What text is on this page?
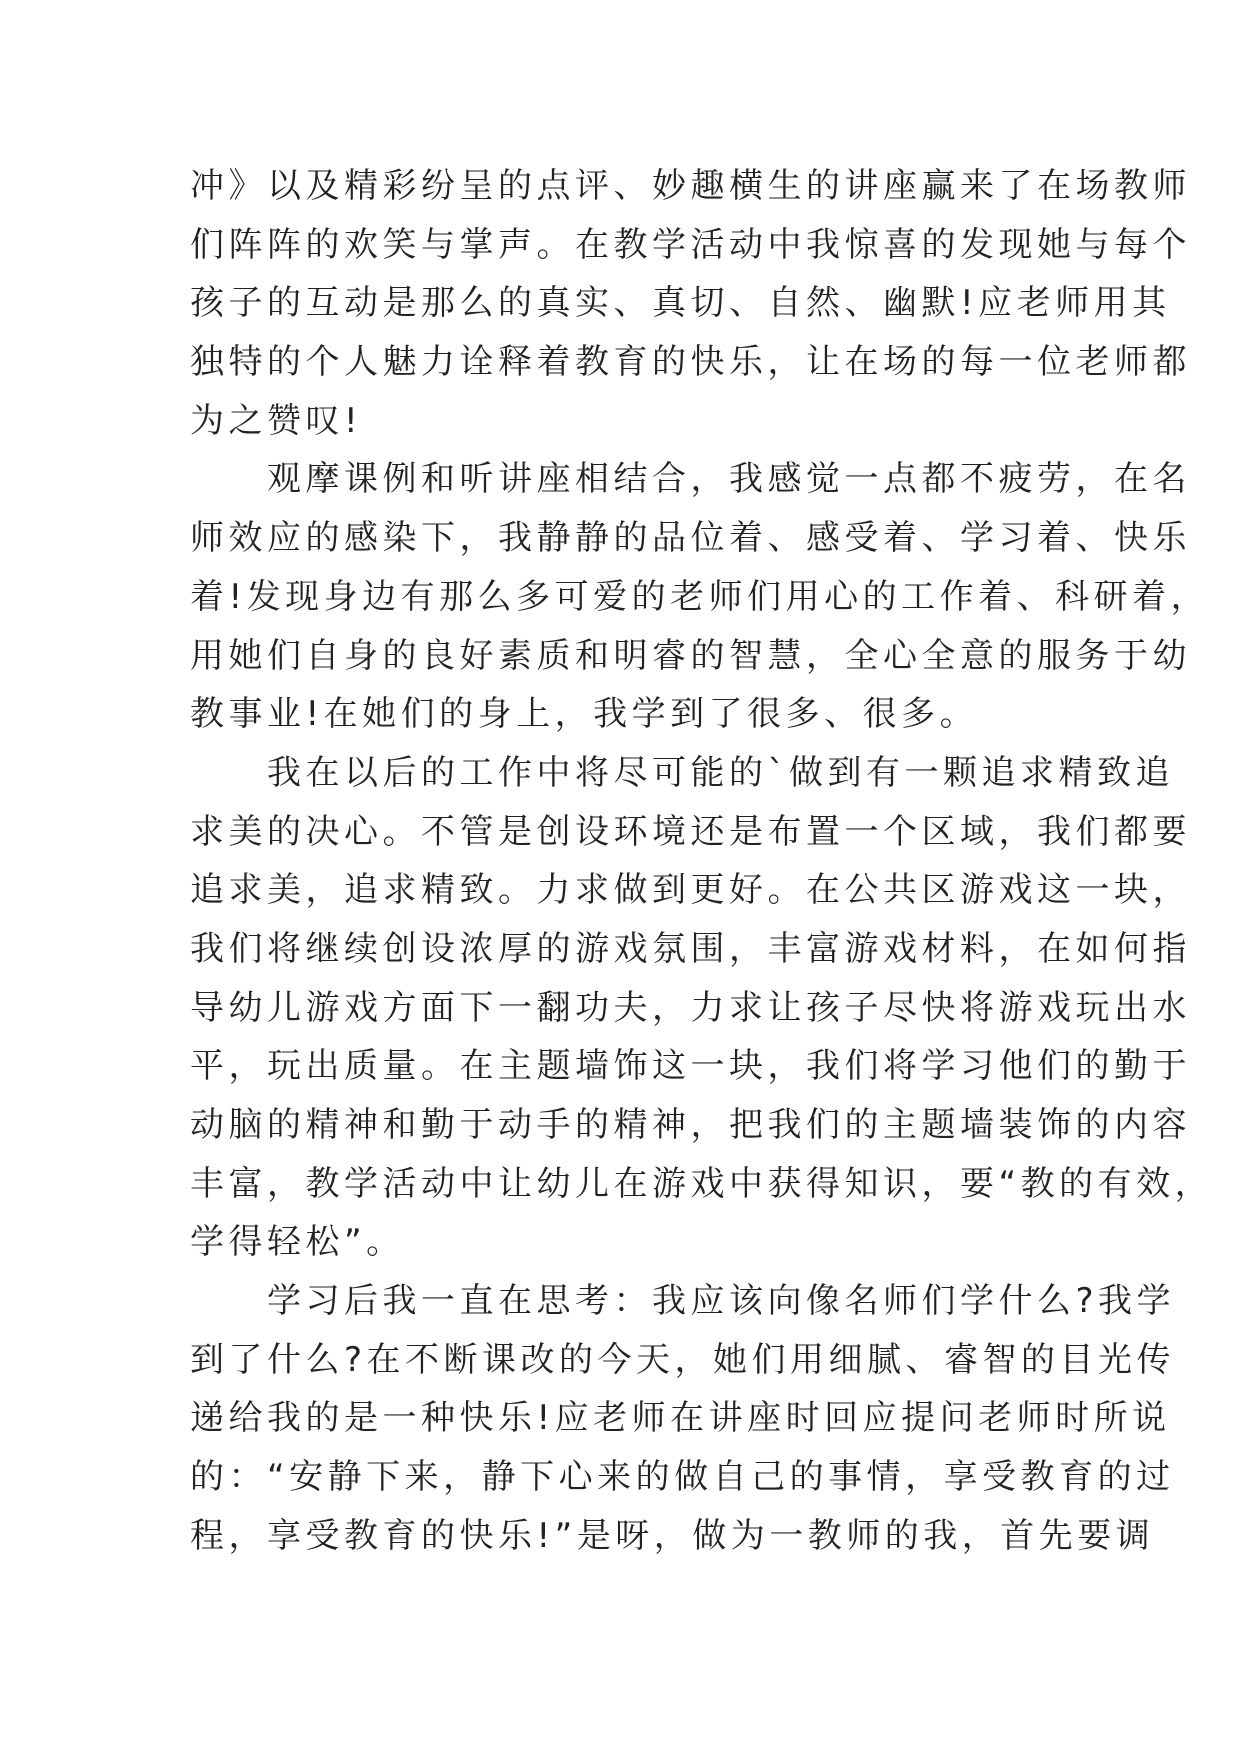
冲》以及精彩纷呈的点评、妙趣横生的讲座赢来了在场教师
们阵阵的欢笑与掌声。在教学活动中我惊喜的发现她与每个
孩子的互动是那么的真实、真切、自然、幽默!应老师用其
独特的个人魅力诠释着教育的快乐，让在场的每一位老师都
为之赞叹!
　　观摩课例和听讲座相结合，我感觉一点都不疲劳，在名
师效应的感染下，我静静的品位着、感受着、学习着、快乐
着!发现身边有那么多可爱的老师们用心的工作着、科研着，
用她们自身的良好素质和明睿的智慧，全心全意的服务于幼
教事业!在她们的身上，我学到了很多、很多。
　　我在以后的工作中将尽可能的`做到有一颗追求精致追
求美的决心。不管是创设环境还是布置一个区域，我们都要
追求美，追求精致。力求做到更好。在公共区游戏这一块，
我们将继续创设浓厚的游戏氛围，丰富游戏材料，在如何指
导幼儿游戏方面下一翻功夫，力求让孩子尽快将游戏玩出水
平，玩出质量。在主题墙饰这一块，我们将学习他们的勤于
动脑的精神和勤于动手的精神，把我们的主题墙装饰的内容
丰富，教学活动中让幼儿在游戏中获得知识，要“教的有效，
学得轻松”。
　　学习后我一直在思考：我应该向像名师们学什么?我学
到了什么?在不断课改的今天，她们用细腻、睿智的目光传
递给我的是一种快乐!应老师在讲座时回应提问老师时所说
的：“安静下来，静下心来的做自己的事情，享受教育的过
程，享受教育的快乐!”是呀，做为一教师的我，首先要调
